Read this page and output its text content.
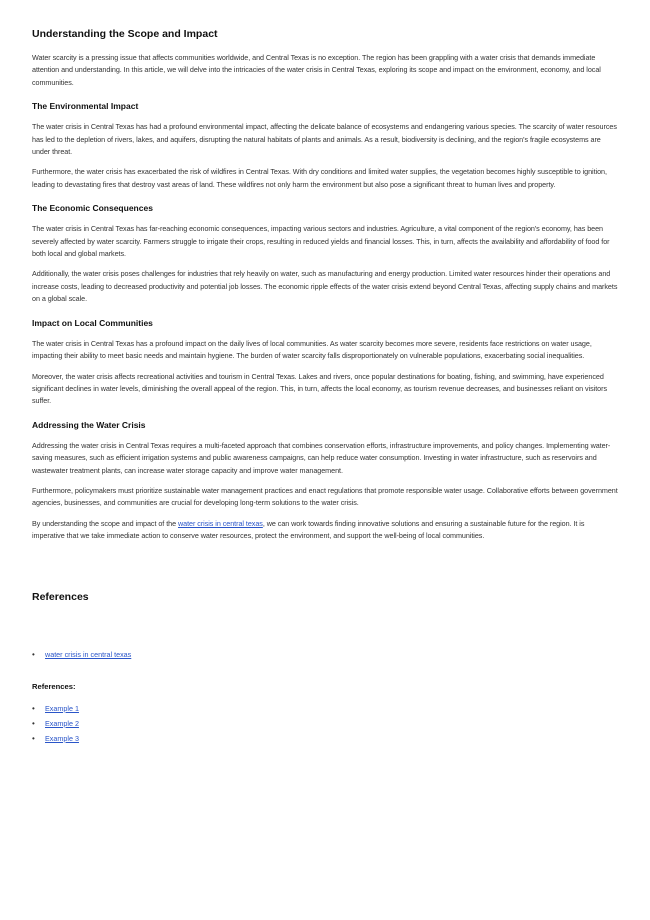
Understanding the Scope and Impact

Water scarcity is a pressing issue that affects communities worldwide, and Central Texas is no exception. The region has been grappling with a water crisis that demands immediate attention and understanding. In this article, we will delve into the intricacies of the water crisis in Central Texas, exploring its scope and impact on the environment, economy, and local communities.

The Environmental Impact

The water crisis in Central Texas has had a profound environmental impact, affecting the delicate balance of ecosystems and endangering various species. The scarcity of water resources has led to the depletion of rivers, lakes, and aquifers, disrupting the natural habitats of plants and animals. As a result, biodiversity is declining, and the region's fragile ecosystems are under threat.

Furthermore, the water crisis has exacerbated the risk of wildfires in Central Texas. With dry conditions and limited water supplies, the vegetation becomes highly susceptible to ignition, leading to devastating fires that destroy vast areas of land. These wildfires not only harm the environment but also pose a significant threat to human lives and property.

The Economic Consequences

The water crisis in Central Texas has far-reaching economic consequences, impacting various sectors and industries. Agriculture, a vital component of the region's economy, has been severely affected by water scarcity. Farmers struggle to irrigate their crops, resulting in reduced yields and financial losses. This, in turn, affects the availability and affordability of food for both local and global markets.

Additionally, the water crisis poses challenges for industries that rely heavily on water, such as manufacturing and energy production. Limited water resources hinder their operations and increase costs, leading to decreased productivity and potential job losses. The economic ripple effects of the water crisis extend beyond Central Texas, affecting supply chains and markets on a global scale.

Impact on Local Communities

The water crisis in Central Texas has a profound impact on the daily lives of local communities. As water scarcity becomes more severe, residents face restrictions on water usage, impacting their ability to meet basic needs and maintain hygiene. The burden of water scarcity falls disproportionately on vulnerable populations, exacerbating social inequalities.

Moreover, the water crisis affects recreational activities and tourism in Central Texas. Lakes and rivers, once popular destinations for boating, fishing, and swimming, have experienced significant declines in water levels, diminishing the overall appeal of the region. This, in turn, affects the local economy, as tourism revenue decreases, and businesses reliant on visitors suffer.

Addressing the Water Crisis

Addressing the water crisis in Central Texas requires a multi-faceted approach that combines conservation efforts, infrastructure improvements, and policy changes. Implementing water-saving measures, such as efficient irrigation systems and public awareness campaigns, can help reduce water consumption. Investing in water infrastructure, such as reservoirs and wastewater treatment plants, can increase water storage capacity and improve water management.

Furthermore, policymakers must prioritize sustainable water management practices and enact regulations that promote responsible water usage. Collaborative efforts between government agencies, businesses, and communities are crucial for developing long-term solutions to the water crisis.

By understanding the scope and impact of the water crisis in central texas, we can work towards finding innovative solutions and ensuring a sustainable future for the region. It is imperative that we take immediate action to conserve water resources, protect the environment, and support the well-being of local communities.

References
• water crisis in central texas
References:
• Example 1
• Example 2
• Example 3
